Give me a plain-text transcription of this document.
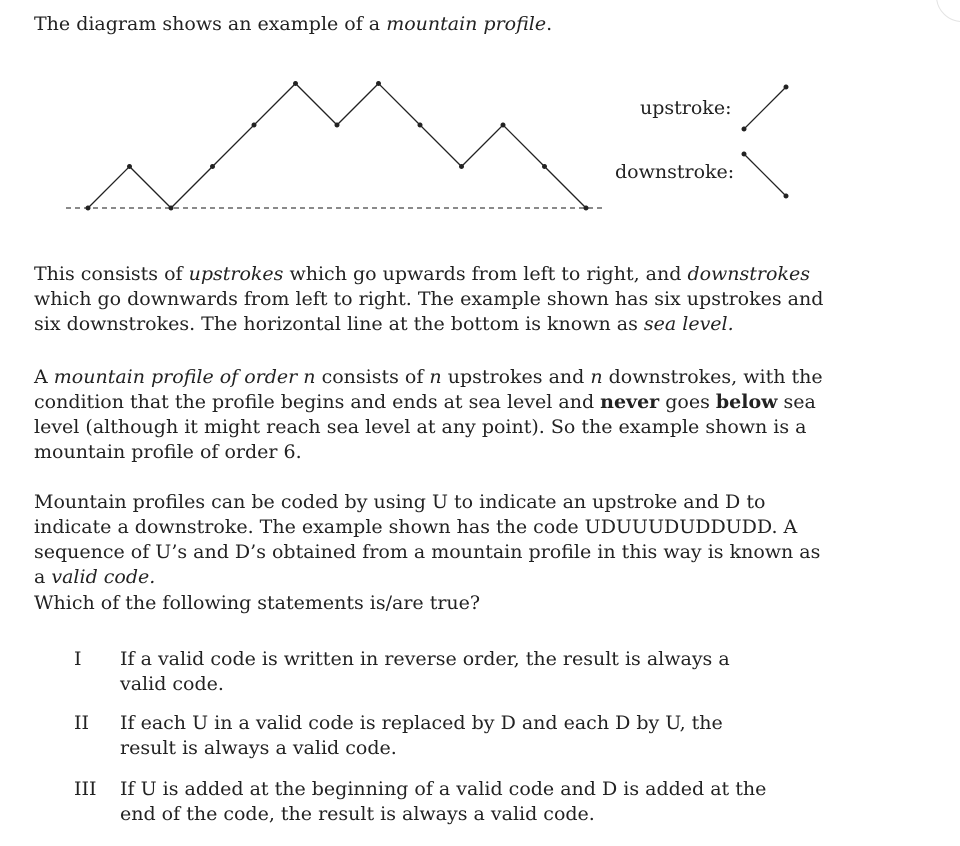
The diagram shows an example of a mountain profile.
upstroke:
downstroke:
This consists of upstrokes which go upwards from left to right, and downstrokes which go downwards from left to right. The example shown has six upstrokes and six downstrokes. The horizontal line at the bottom is known as sea level.
A mountain profile of order n consists of n upstrokes and n downstrokes, with the condition that the profile begins and ends at sea level and never goes below sea level (although it might reach sea level at any point). So the example shown is a mountain profile of order 6.
Mountain profiles can be coded by using U to indicate an upstroke and D to indicate a downstroke. The example shown has the code UDUUUDUDDUDD. A sequence of U’s and D’s obtained from a mountain profile in this way is known as a valid code.
Which of the following statements is/are true?
I	If a valid code is written in reverse order, the result is always a valid code.
II	If each U in a valid code is replaced by D and each D by U, the result is always a valid code.
III	If U is added at the beginning of a valid code and D is added at the end of the code, the result is always a valid code.
